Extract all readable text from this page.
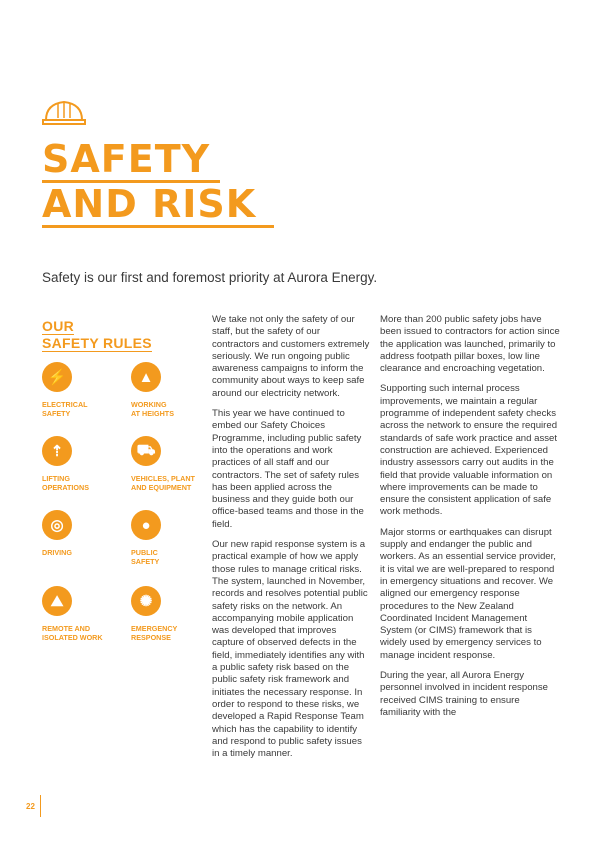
SAFETY
AND RISK

Safety is our first and foremost priority at Aurora Energy.

OUR
SAFETY RULES
⚡
ELECTRICAL
SAFETY
▲
WORKING
AT HEIGHTS
⇡
LIFTING
OPERATIONS
⛟
VEHICLES, PLANT
AND EQUIPMENT
◎
DRIVING
●
PUBLIC
SAFETY
⛰
REMOTE AND
ISOLATED WORK
✺
EMERGENCY
RESPONSE

We take not only the safety of our staff, but the safety of our contractors and customers extremely seriously. We run ongoing public awareness campaigns to inform the community about ways to keep safe around our electricity network.

This year we have continued to embed our Safety Choices Programme, including public safety into the operations and work practices of all staff and our contractors. The set of safety rules has been applied across the business and they guide both our office-based teams and those in the field.

Our new rapid response system is a practical example of how we apply those rules to manage critical risks. The system, launched in November, records and resolves potential public safety risks on the network. An accompanying mobile application was developed that improves capture of observed defects in the field, immediately identifies any with a public safety risk based on the public safety risk framework and initiates the necessary response. In order to respond to these risks, we developed a Rapid Response Team which has the capability to identify and respond to public safety issues in a timely manner.

More than 200 public safety jobs have been issued to contractors for action since the application was launched, primarily to address footpath pillar boxes, low line clearance and encroaching vegetation.

Supporting such internal process improvements, we maintain a regular programme of independent safety checks across the network to ensure the required standards of safe work practice and asset construction are achieved. Experienced industry assessors carry out audits in the field that provide valuable information on where improvements can be made to ensure the consistent application of safe work methods.

Major storms or earthquakes can disrupt supply and endanger the public and workers. As an essential service provider, it is vital we are well-prepared to respond in emergency situations and recover. We aligned our emergency response procedures to the New Zealand Coordinated Incident Management System (or CIMS) framework that is widely used by emergency services to manage incident response.

During the year, all Aurora Energy personnel involved in incident response received CIMS training to ensure familiarity with the

22
